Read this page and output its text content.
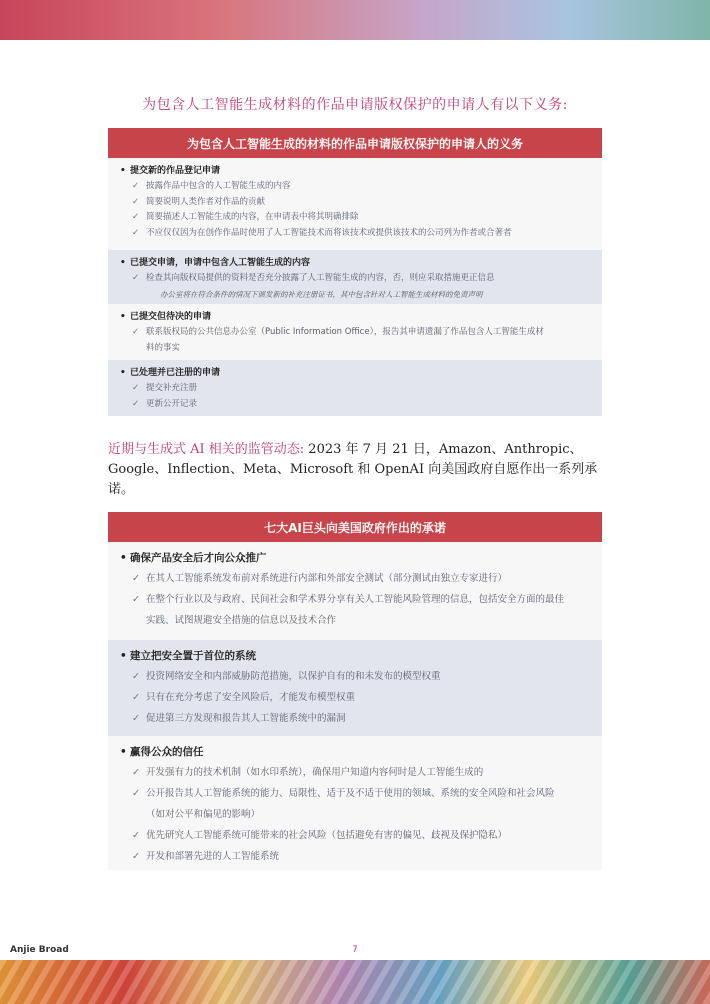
为包含人工智能生成材料的作品申请版权保护的申请人有以下义务:
为包含人工智能生成的材料的作品申请版权保护的申请人的义务
• 提交新的作品登记申请
✓ 披露作品中包含的人工智能生成的内容
✓ 简要说明人类作者对作品的贡献
✓ 简要描述人工智能生成的内容，在申请表中将其明确排除
✓ 不应仅仅因为在创作作品时使用了人工智能技术而将该技术或提供该技术的公司列为作者或合著者
• 已提交申请，申请中包含人工智能生成的内容
✓ 检查其向版权局提供的资料是否充分披露了人工智能生成的内容，否，则应采取措施更正信息
办公室将在符合条件的情况下颁发新的补充注册证书，其中包含针对人工智能生成材料的免责声明
• 已提交但待决的申请
✓ 联系版权局的公共信息办公室（Public Information Office），报告其申请遗漏了作品包含人工智能生成材
料的事实
• 已处理并已注册的申请
✓ 提交补充注册
✓ 更新公开记录
近期与生成式 AI 相关的监管动态: 2023 年 7 月 21 日，Amazon、Anthropic、Google、Inflection、Meta、Microsoft 和 OpenAI 向美国政府自愿作出一系列承诺。
七大AI巨头向美国政府作出的承诺
• 确保产品安全后才向公众推广
✓ 在其人工智能系统发布前对系统进行内部和外部安全测试（部分测试由独立专家进行）
✓ 在整个行业以及与政府、民间社会和学术界分享有关人工智能风险管理的信息，包括安全方面的最佳
实践、试图规避安全措施的信息以及技术合作
• 建立把安全置于首位的系统
✓ 投资网络安全和内部威胁防范措施，以保护自有的和未发布的模型权重
✓ 只有在充分考虑了安全风险后，才能发布模型权重
✓ 促进第三方发现和报告其人工智能系统中的漏洞
• 赢得公众的信任
✓ 开发强有力的技术机制（如水印系统），确保用户知道内容何时是人工智能生成的
✓ 公开报告其人工智能系统的能力、局限性、适于及不适于使用的领域、系统的安全风险和社会风险
（如对公平和偏见的影响）
✓ 优先研究人工智能系统可能带来的社会风险（包括避免有害的偏见、歧视及保护隐私）
✓ 开发和部署先进的人工智能系统
Anjie Broad	7
